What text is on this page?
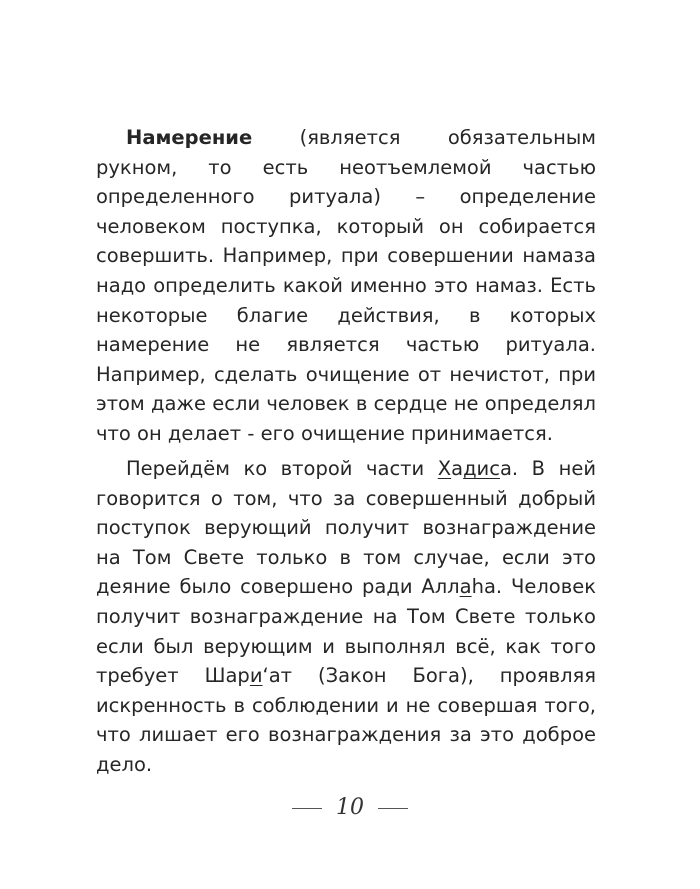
Намерение (является обязательным рукном, то есть неотъемлемой частью определенного ритуала) – определение человеком поступка, который он собирается совершить. Например, при совершении намаза надо определить какой именно это намаз. Есть некоторые благие действия, в которых намерение не является частью ритуала. Например, сделать очищение от нечистот, при этом даже если человек в сердце не определял что он делает - его очищение принимается.

Перейдём ко второй части Хадиса. В ней говорится о том, что за совершенный добрый поступок верующий получит вознаграждение на Том Свете только в том случае, если это деяние было совершено ради Аллаhа. Человек получит вознаграждение на Том Свете только если был верующим и выполнял всё, как того требует Шари‘ат (Закон Бога), проявляя искренность в соблюдении и не совершая того, что лишает его вознаграждения за это доброе дело.

10
